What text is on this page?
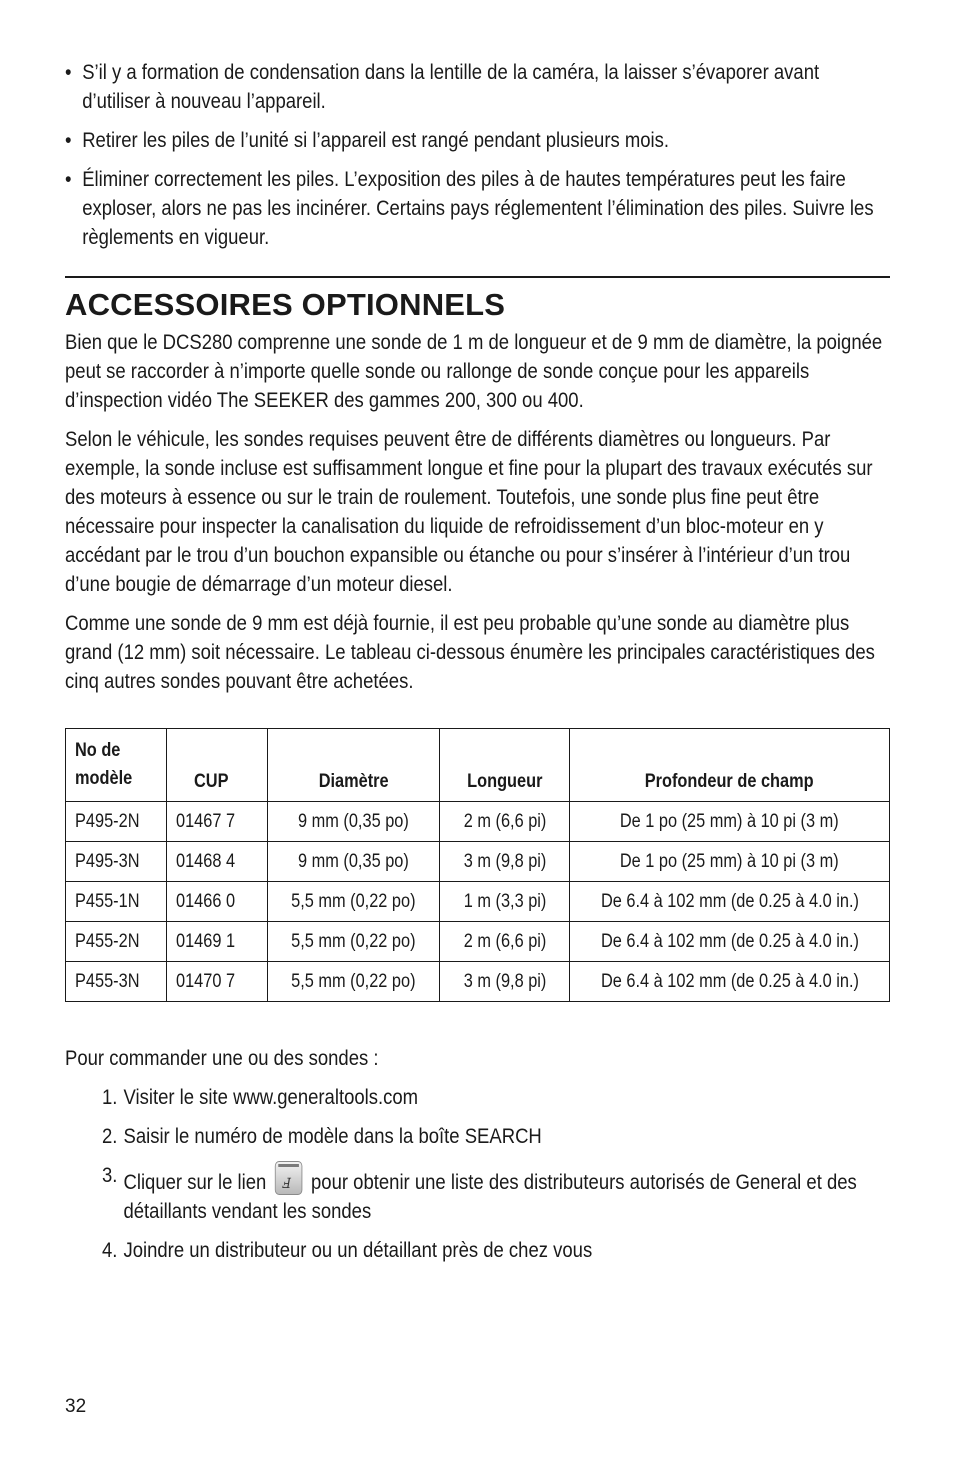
• S’il y a formation de condensation dans la lentille de la caméra, la laisser s’évaporer avant d’utiliser à nouveau l’appareil.
• Retirer les piles de l’unité si l’appareil est rangé pendant plusieurs mois.
• Éliminer correctement les piles. L’exposition des piles à de hautes températures peut les faire exploser, alors ne pas les incinérer. Certains pays réglementent l’élimination des piles. Suivre les règlements en vigueur.
ACCESSOIRES OPTIONNELS

Bien que le DCS280 comprenne une sonde de 1 m de longueur et de 9 mm de diamètre, la poignée peut se raccorder à n’importe quelle sonde ou rallonge de sonde conçue pour les appareils d’inspection vidéo The SEEKER des gammes 200, 300 ou 400.

Selon le véhicule, les sondes requises peuvent être de différents diamètres ou longueurs. Par exemple, la sonde incluse est suffisamment longue et fine pour la plupart des travaux exécutés sur des moteurs à essence ou sur le train de roulement. Toutefois, une sonde plus fine peut être nécessaire pour inspecter la canalisation du liquide de refroidissement d’un bloc-moteur en y accédant par le trou d’un bouchon expansible ou étanche ou pour s’insérer à l’intérieur d’un trou d’une bougie de démarrage d’un moteur diesel.

Comme une sonde de 9 mm est déjà fournie, il est peu probable qu’une sonde au diamètre plus grand (12 mm) soit nécessaire. Le tableau ci-dessous énumère les principales caractéristiques des cinq autres sondes pouvant être achetées.

No de
modèle	CUP	Diamètre	Longueur	Profondeur de champ
P495-2N	01467 7	9 mm (0,35 po)	2 m (6,6 pi)	De 1 po (25 mm) à 10 pi (3 m)
P495-3N	01468 4	9 mm (0,35 po)	3 m (9,8 pi)	De 1 po (25 mm) à 10 pi (3 m)
P455-1N	01466 0	5,5 mm (0,22 po)	1 m (3,3 pi)	De 6.4 à 102 mm (de 0.25 à 4.0 in.)
P455-2N	01469 1	5,5 mm (0,22 po)	2 m (6,6 pi)	De 6.4 à 102 mm (de 0.25 à 4.0 in.)
P455-3N	01470 7	5,5 mm (0,22 po)	3 m (9,8 pi)	De 6.4 à 102 mm (de 0.25 à 4.0 in.)

Pour commander une ou des sondes :

1. Visiter le site www.generaltools.com
2. Saisir le numéro de modèle dans la boîte SEARCH
3. Cliquer sur le lien Ⅎ pour obtenir une liste des distributeurs autorisés de General et des détaillants vendant les sondes
4. Joindre un distributeur ou un détaillant près de chez vous
32
